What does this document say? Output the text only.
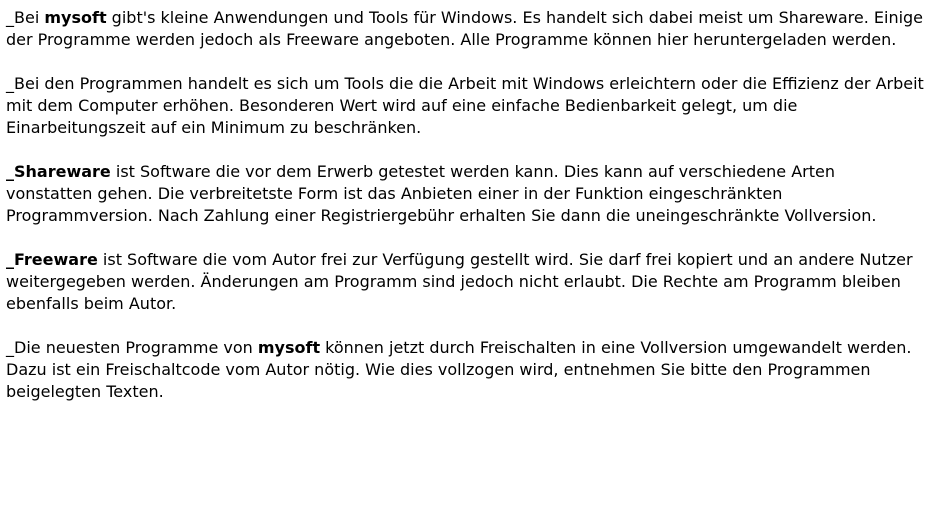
_Bei mysoft gibt's kleine Anwendungen und Tools für Windows. Es handelt sich dabei meist um Shareware. Einige der Programme werden jedoch als Freeware angeboten. Alle Programme können hier heruntergeladen werden.

_Bei den Programmen handelt es sich um Tools die die Arbeit mit Windows erleichtern oder die Effizienz der Arbeit mit dem Computer erhöhen. Besonderen Wert wird auf eine einfache Bedienbarkeit gelegt, um die Einarbeitungszeit auf ein Minimum zu beschränken.

_Shareware ist Software die vor dem Erwerb getestet werden kann. Dies kann auf verschiedene Arten vonstatten gehen. Die verbreitetste Form ist das Anbieten einer in der Funktion eingeschränkten Programmversion. Nach Zahlung einer Registriergebühr erhalten Sie dann die uneingeschränkte Vollversion.

_Freeware ist Software die vom Autor frei zur Verfügung gestellt wird. Sie darf frei kopiert und an andere Nutzer weitergegeben werden. Änderungen am Programm sind jedoch nicht erlaubt. Die Rechte am Programm bleiben ebenfalls beim Autor.

_Die neuesten Programme von mysoft können jetzt durch Freischalten in eine Vollversion umgewandelt werden. Dazu ist ein Freischaltcode vom Autor nötig. Wie dies vollzogen wird, entnehmen Sie bitte den Programmen beigelegten Texten.
